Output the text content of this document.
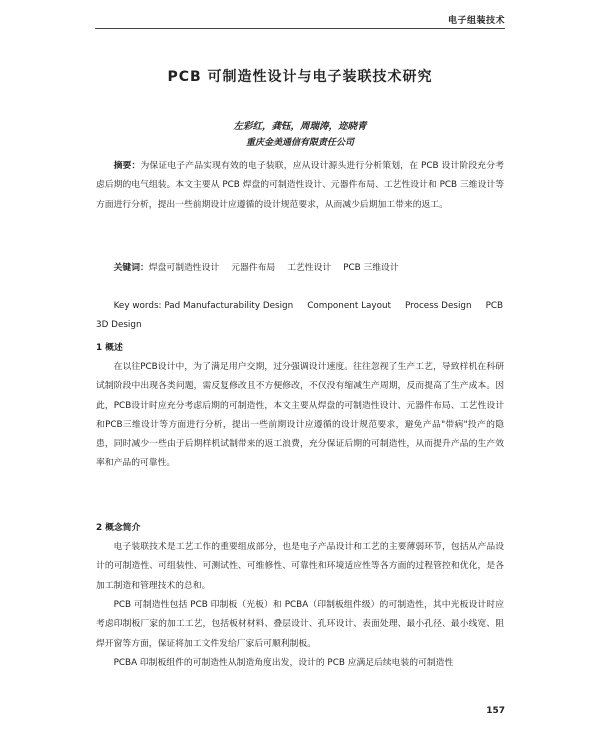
电子组装技术
PCB 可制造性设计与电子装联技术研究
左彩红，龚钰，周瑞涛，迩晓青
重庆金美通信有限责任公司
摘要：为保证电子产品实现有效的电子装联，应从设计源头进行分析策划，在 PCB 设计阶段充分考虑后期的电气组装。本文主要从 PCB 焊盘的可制造性设计、元器件布局、工艺性设计和 PCB 三维设计等方面进行分析，提出一些前期设计应遵循的设计规范要求，从而减少后期加工带来的返工。
关键词：焊盘可制造性设计 元器件布局 工艺性设计 PCB 三维设计
Key words: Pad Manufacturability Design Component Layout Process Design PCB 3D Design
1 概述
在以往PCB设计中，为了满足用户交期，过分强调设计速度。往往忽视了生产工艺，导致样机在科研试制阶段中出现各类问题，需反复修改且不方便修改，不仅没有缩减生产周期，反而提高了生产成本。因此，PCB设计时应充分考虑后期的可制造性，本文主要从焊盘的可制造性设计、元器件布局、工艺性设计和PCB三维设计等方面进行分析，提出一些前期设计应遵循的设计规范要求，避免产品"带病"投产的隐患，同时减少一些由于后期样机试制带来的返工浪费，充分保证后期的可制造性，从而提升产品的生产效率和产品的可靠性。
2 概念简介
电子装联技术是工艺工作的重要组成部分，也是电子产品设计和工艺的主要薄弱环节，包括从产品设计的可制造性、可组装性、可测试性、可维修性、可靠性和环境适应性等各方面的过程管控和优化，是各加工制造和管理技术的总和。
PCB 可制造性包括 PCB 印制板（光板）和 PCBA（印制板组件级）的可制造性，其中光板设计时应考虑印制板厂家的加工工艺，包括板材材料、叠层设计、孔环设计、表面处理、最小孔径、最小线宽、阻焊开窗等方面，保证将加工文件发给厂家后可顺利制板。
PCBA 印制板组件的可制造性从制造角度出发，设计的 PCB 应满足后续电装的可制造性
157
